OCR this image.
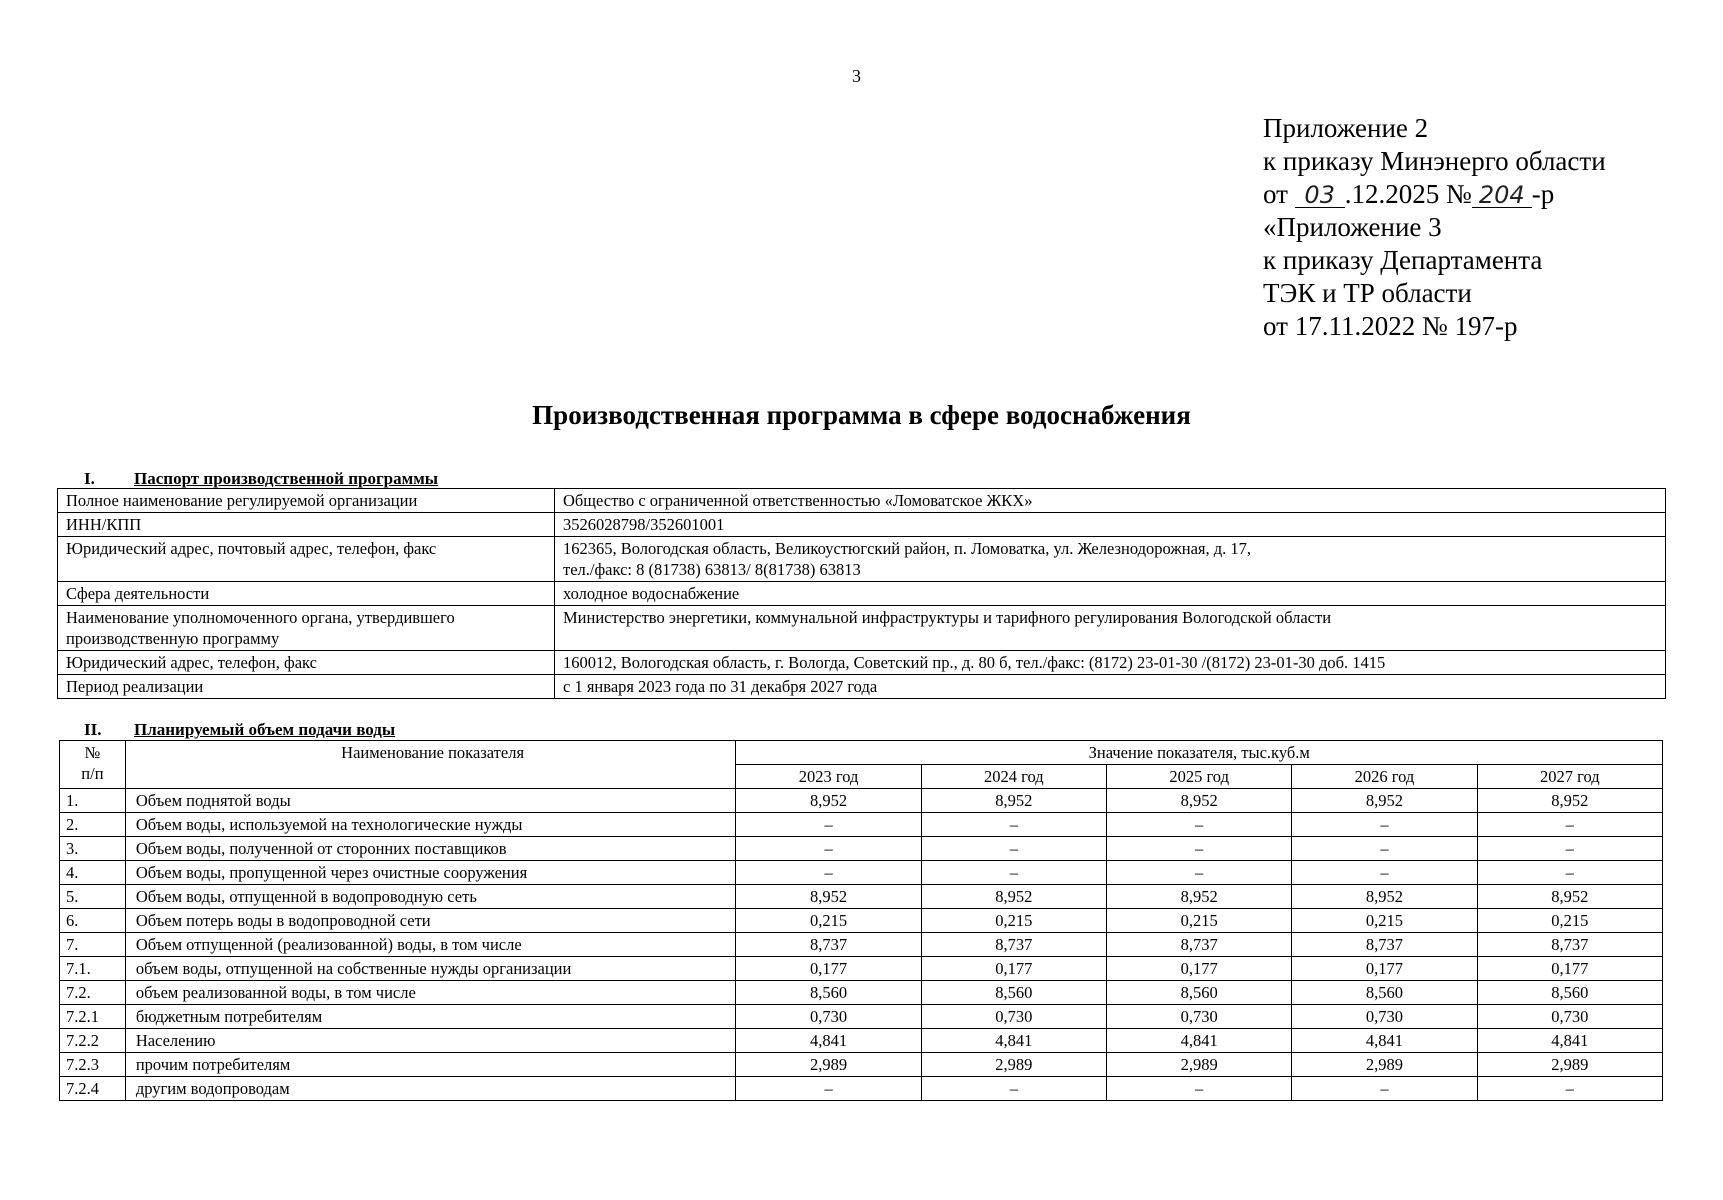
3
Приложение 2
к приказу Минэнерго области
от 03 .12.2025 № 204 -р
«Приложение 3
к приказу Департамента
ТЭК и ТР области
от 17.11.2022 № 197-р
Производственная программа в сфере водоснабжения
I. Паспорт производственной программы
Полное наименование регулируемой организации	Общество с ограниченной ответственностью «Ломоватское ЖКХ»
ИНН/КПП	3526028798/352601001
Юридический адрес, почтовый адрес, телефон, факс	162365, Вологодская область, Великоустюгский район, п. Ломоватка, ул. Железнодорожная, д. 17,
тел./факс: 8 (81738) 63813/ 8(81738) 63813
Сфера деятельности	холодное водоснабжение
Наименование уполномоченного органа, утвердившего
производственную программу	Министерство энергетики, коммунальной инфраструктуры и тарифного регулирования Вологодской области
Юридический адрес, телефон, факс	160012, Вологодская область, г. Вологда, Советский пр., д. 80 б, тел./факс: (8172) 23-01-30 /(8172) 23-01-30 доб. 1415
Период реализации	с 1 января 2023 года по 31 декабря 2027 года
II. Планируемый объем подачи воды
№
п/п	Наименование показателя	Значение показателя, тыс.куб.м				
		2023 год	2024 год	2025 год	2026 год	2027 год
1.	Объем поднятой воды	8,952	8,952	8,952	8,952	8,952
2.	Объем воды, используемой на технологические нужды	–	–	–	–	–
3.	Объем воды, полученной от сторонних поставщиков	–	–	–	–	–
4.	Объем воды, пропущенной через очистные сооружения	–	–	–	–	–
5.	Объем воды, отпущенной в водопроводную сеть	8,952	8,952	8,952	8,952	8,952
6.	Объем потерь воды в водопроводной сети	0,215	0,215	0,215	0,215	0,215
7.	Объем отпущенной (реализованной) воды, в том числе	8,737	8,737	8,737	8,737	8,737
7.1.	объем воды, отпущенной на собственные нужды организации	0,177	0,177	0,177	0,177	0,177
7.2.	объем реализованной воды, в том числе	8,560	8,560	8,560	8,560	8,560
7.2.1	бюджетным потребителям	0,730	0,730	0,730	0,730	0,730
7.2.2	Населению	4,841	4,841	4,841	4,841	4,841
7.2.3	прочим потребителям	2,989	2,989	2,989	2,989	2,989
7.2.4	другим водопроводам	–	–	–	–	–
